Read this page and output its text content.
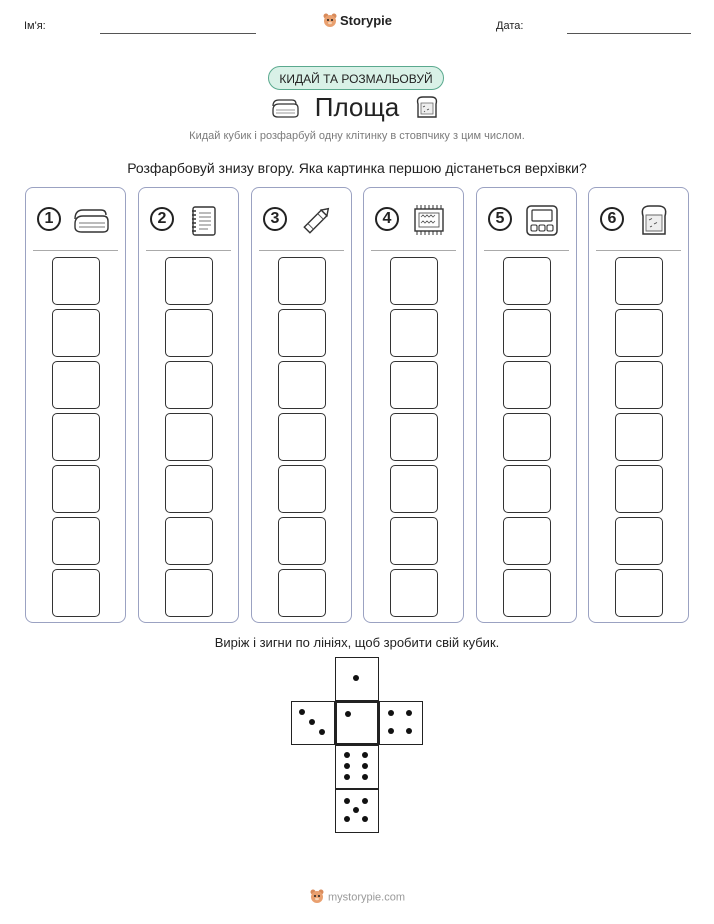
Ім'я:	Storypie	Дата:
КИДАЙ ТА РОЗМАЛЬОВУЙ
Площа
Кидай кубик і розфарбуй одну клітинку в стовпчику з цим числом.
Розфарбовуй знизу вгору. Яка картинка першою дістанеться верхівки?
1	2	3	4	5	6
Виріж і зигни по лініях, щоб зробити свій кубик.
mystorypie.com
